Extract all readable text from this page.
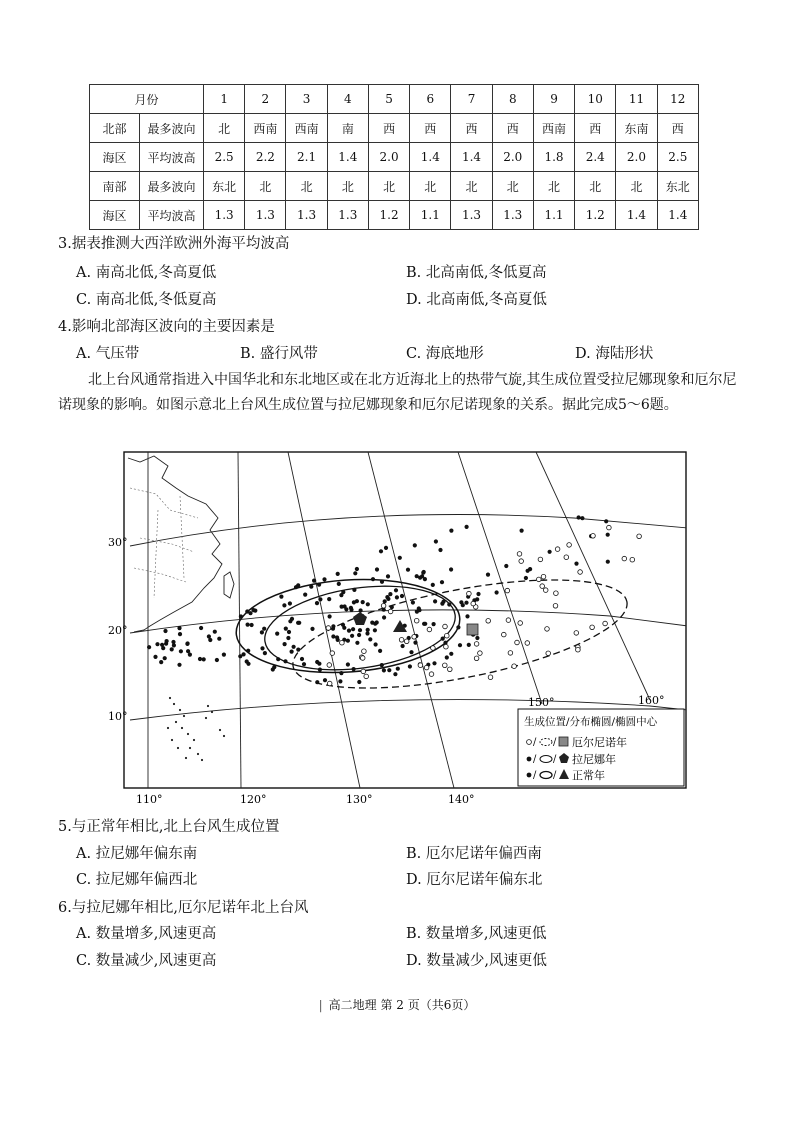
月份		1	2	3	4	5	6	7	8	9	10	11	12
北部	最多波向	北	西南	西南	南	西	西	西	西	西南	西	东南	西
海区	平均波高	2.5	2.2	2.1	1.4	2.0	1.4	1.4	2.0	1.8	2.4	2.0	2.5
南部	最多波向	东北	北	北	北	北	北	北	北	北	北	北	东北
海区	平均波高	1.3	1.3	1.3	1.3	1.2	1.1	1.3	1.3	1.1	1.2	1.4	1.4

3.据表推测大西洋欧洲外海平均波高

A. 南高北低,冬高夏低	B. 北高南低,冬低夏高

C. 南高北低,冬低夏高	D. 北高南低,冬高夏低

4.影响北部海区波向的主要因素是

A. 气压带	B. 盛行风带	C. 海底地形	D. 海陆形状

北上台风通常指进入中国华北和东北地区或在北方近海北上的热带气旋,其生成位置受拉尼娜现象和厄尔尼诺现象的影响。如图示意北上台风生成位置与拉尼娜现象和厄尔尼诺现象的关系。据此完成5～6题。

30°
20°
10°
110°	120°	130°	140°
150°	160°
生成位置/分布椭圆/椭圆中心
/ / 厄尔尼诺年
/ / 拉尼娜年
/ / 正常年

5.与正常年相比,北上台风生成位置

A. 拉尼娜年偏东南	B. 厄尔尼诺年偏西南

C. 拉尼娜年偏西北	D. 厄尔尼诺年偏东北

6.与拉尼娜年相比,厄尔尼诺年北上台风

A. 数量增多,风速更高	B. 数量增多,风速更低

C. 数量减少,风速更高	D. 数量减少,风速更低

| 高二地理 第 2 页（共6页）
